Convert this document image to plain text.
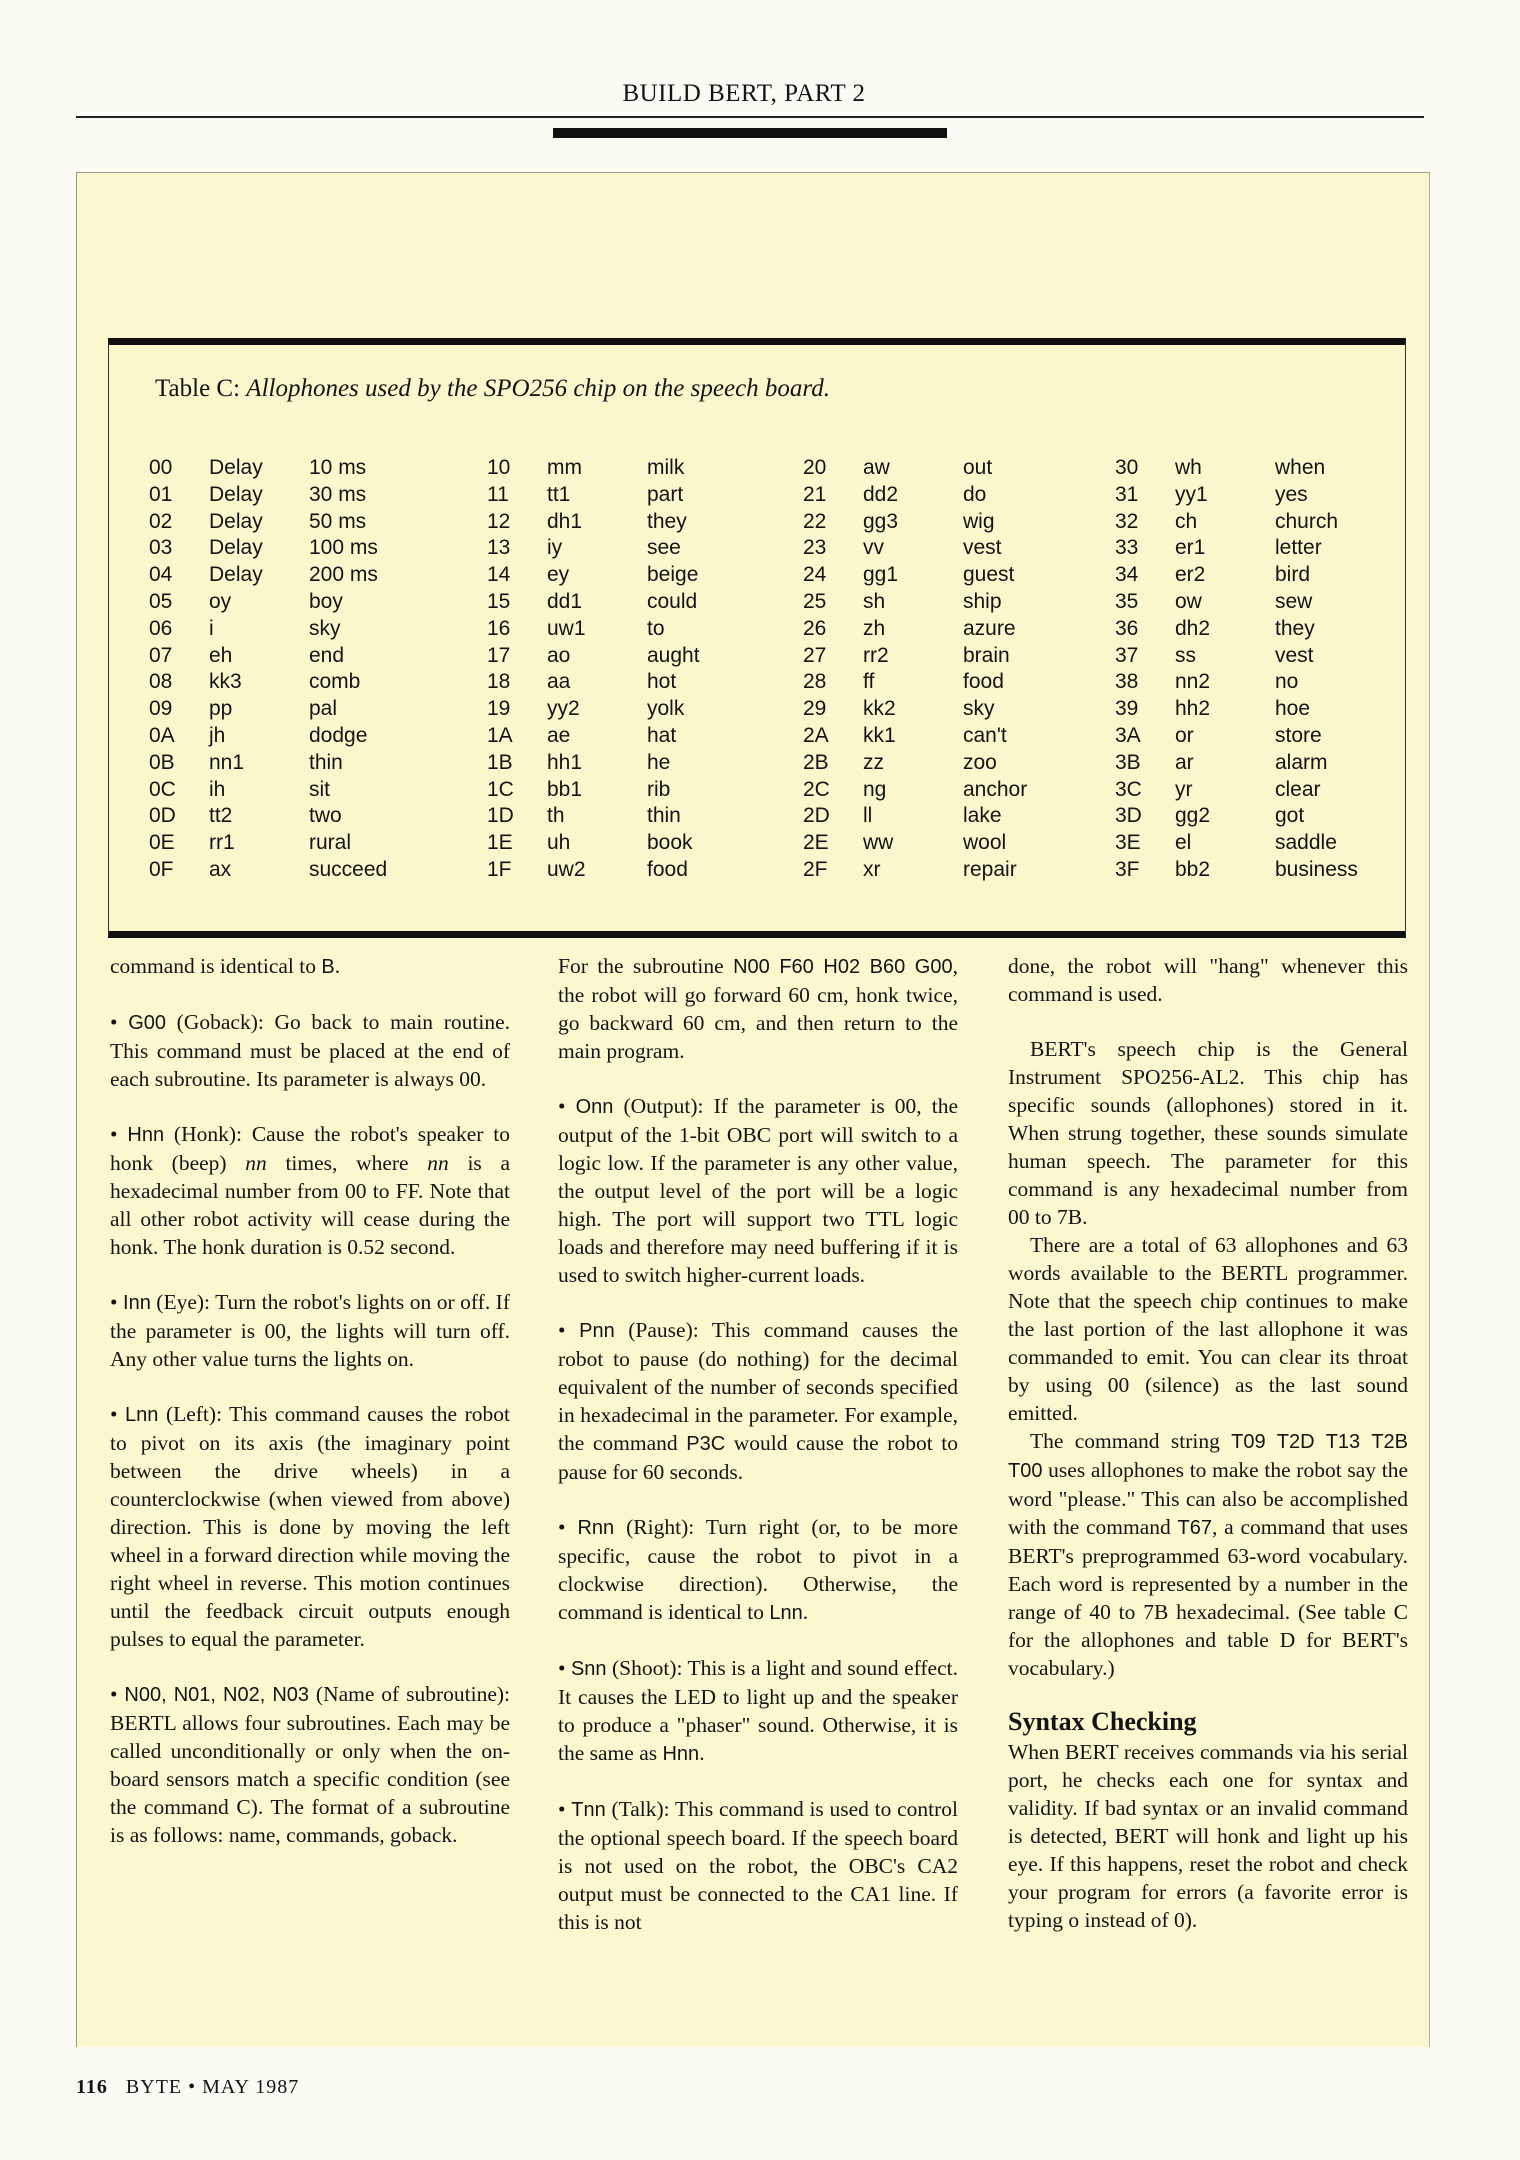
BUILD BERT, PART 2
Table C: Allophones used by the SPO256 chip on the speech board.
00 Delay 10 ms
01 Delay 30 ms
02 Delay 50 ms
03 Delay 100 ms
04 Delay 200 ms
05 oy	boy
06 i	sky
07 eh	end
08 kk3	comb
09 pp	pal
0A jh	dodge
0B nn1	thin
0C ih	sit
0D tt2	two
0E rr1	rural
0F ax	succeed
10 mm	milk
11 tt1	part
12 dh1	they
13 iy	see
14 ey	beige
15 dd1	could
16 uw1	to
17 ao	aught
18 aa	hot
19 yy2	yolk
1A ae	hat
1B hh1	he
1C bb1	rib
1D th	thin
1E uh	book
1F uw2	food
20 aw	out
21 dd2	do
22 gg3	wig
23 vv	vest
24 gg1	guest
25 sh	ship
26 zh	azure
27 rr2	brain
28 ff	food
29 kk2	sky
2A kk1	can't
2B zz	zoo
2C ng	anchor
2D ll	lake
2E ww	wool
2F xr	repair
30 wh	when
31 yy1	yes
32 ch	church
33 er1	letter
34 er2	bird
35 ow	sew
36 dh2	they
37 ss	vest
38 nn2	no
39 hh2	hoe
3A or	store
3B ar	alarm
3C yr	clear
3D gg2	got
3E el	saddle
3F bb2	business

command is identical to B.

• G00 (Goback): Go back to main routine. This command must be placed at the end of each subroutine. Its parameter is always 00.

• Hnn (Honk): Cause the robot's speaker to honk (beep) nn times, where nn is a hexadecimal number from 00 to FF. Note that all other robot activity will cease during the honk. The honk duration is 0.52 second.

• Inn (Eye): Turn the robot's lights on or off. If the parameter is 00, the lights will turn off. Any other value turns the lights on.

• Lnn (Left): This command causes the robot to pivot on its axis (the imaginary point between the drive wheels) in a counterclockwise (when viewed from above) direction. This is done by moving the left wheel in a forward direction while moving the right wheel in reverse. This motion continues until the feedback circuit outputs enough pulses to equal the parameter.

• N00, N01, N02, N03 (Name of subroutine): BERTL allows four subroutines. Each may be called unconditionally or only when the on-board sensors match a specific condition (see the command C). The format of a subroutine is as follows: name, commands, goback.

For the subroutine N00 F60 H02 B60 G00, the robot will go forward 60 cm, honk twice, go backward 60 cm, and then return to the main program.

• Onn (Output): If the parameter is 00, the output of the 1-bit OBC port will switch to a logic low. If the parameter is any other value, the output level of the port will be a logic high. The port will support two TTL logic loads and therefore may need buffering if it is used to switch higher-current loads.

• Pnn (Pause): This command causes the robot to pause (do nothing) for the decimal equivalent of the number of seconds specified in hexadecimal in the parameter. For example, the command P3C would cause the robot to pause for 60 seconds.

• Rnn (Right): Turn right (or, to be more specific, cause the robot to pivot in a clockwise direction). Otherwise, the command is identical to Lnn.

• Snn (Shoot): This is a light and sound effect. It causes the LED to light up and the speaker to produce a "phaser" sound. Otherwise, it is the same as Hnn.

• Tnn (Talk): This command is used to control the optional speech board. If the speech board is not used on the robot, the OBC's CA2 output must be connected to the CA1 line. If this is not

done, the robot will "hang" whenever this command is used.

BERT's speech chip is the General Instrument SPO256-AL2. This chip has specific sounds (allophones) stored in it. When strung together, these sounds simulate human speech. The parameter for this command is any hexadecimal number from 00 to 7B.

There are a total of 63 allophones and 63 words available to the BERTL programmer. Note that the speech chip continues to make the last portion of the last allophone it was commanded to emit. You can clear its throat by using 00 (silence) as the last sound emitted.

The command string T09 T2D T13 T2B T00 uses allophones to make the robot say the word "please." This can also be accomplished with the command T67, a command that uses BERT's preprogrammed 63-word vocabulary. Each word is represented by a number in the range of 40 to 7B hexadecimal. (See table C for the allophones and table D for BERT's vocabulary.)

Syntax Checking

When BERT receives commands via his serial port, he checks each one for syntax and validity. If bad syntax or an invalid command is detected, BERT will honk and light up his eye. If this happens, reset the robot and check your program for errors (a favorite error is typing o instead of 0).

116 BYTE • MAY 1987
